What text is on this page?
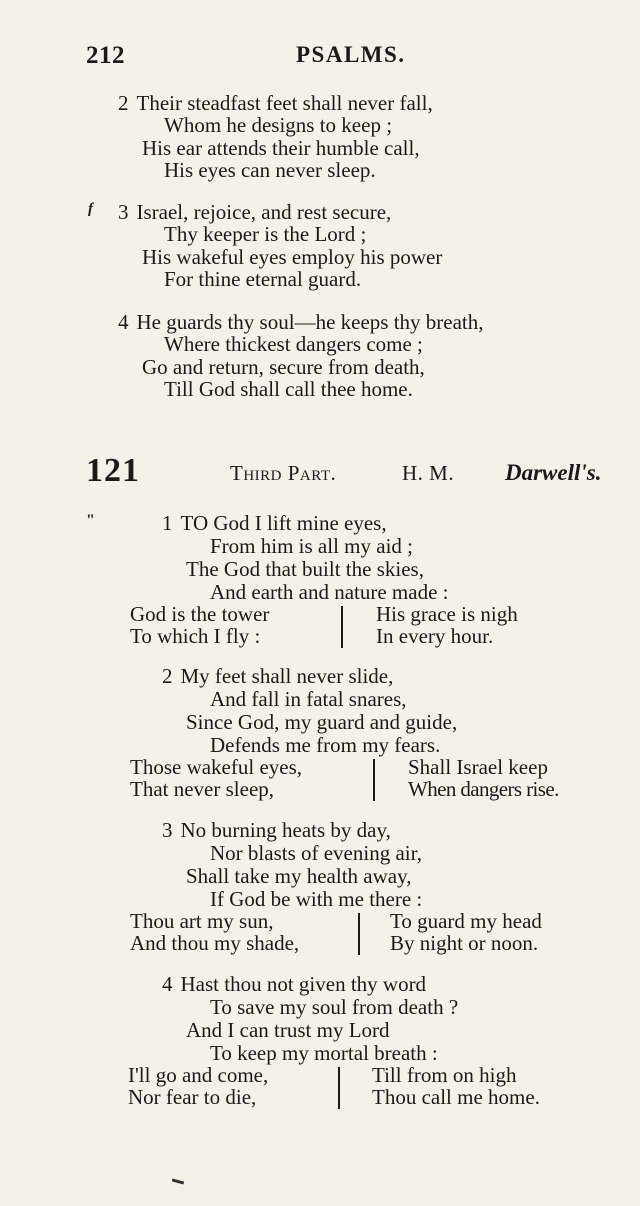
212	PSALMS.
2 Their steadfast feet shall never fall,
Whom he designs to keep ;
His ear attends their humble call,
His eyes can never sleep.
f 3 Israel, rejoice, and rest secure,
Thy keeper is the Lord ;
His wakeful eyes employ his power
For thine eternal guard.
4 He guards thy soul—he keeps thy breath,
Where thickest dangers come ;
Go and return, secure from death,
Till God shall call thee home.
121	Third Part.	H. M. Darwell's.
"	1 TO God I lift mine eyes,
From him is all my aid ;
The God that built the skies,
And earth and nature made :
God is the tower
To which I fly :
His grace is nigh
In every hour.
2 My feet shall never slide,
And fall in fatal snares,
Since God, my guard and guide,
Defends me from my fears.
Those wakeful eyes,
That never sleep,
Shall Israel keep
When dangers rise.
3 No burning heats by day,
Nor blasts of evening air,
Shall take my health away,
If God be with me there :
Thou art my sun,
And thou my shade,
To guard my head
By night or noon.
4 Hast thou not given thy word
To save my soul from death ?
And I can trust my Lord
To keep my mortal breath :
I'll go and come,
Nor fear to die,
Till from on high
Thou call me home.
